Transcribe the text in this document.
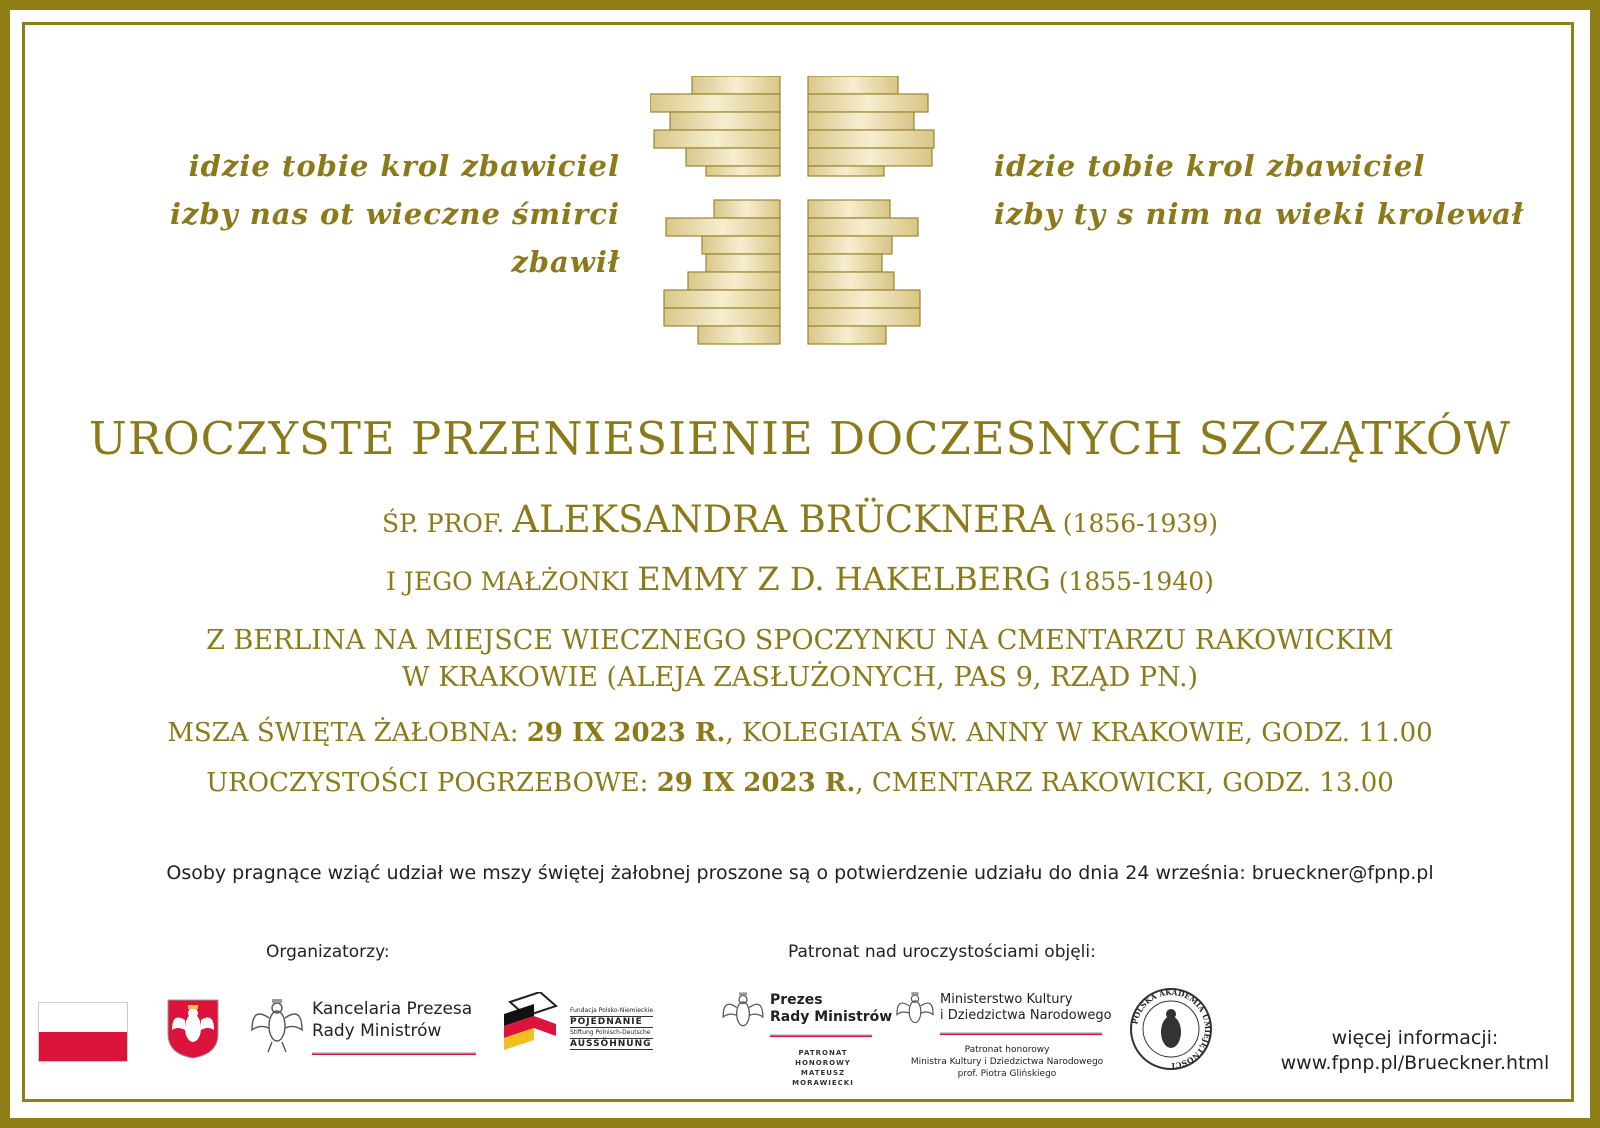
idzie tobie krol zbawiciel
izby nas ot wieczne śmirci zbawił
idzie tobie krol zbawiciel
izby ty s nim na wieki krolewał
UROCZYSTE PRZENIESIENIE DOCZESNYCH SZCZĄTKÓW
ŚP. PROF. ALEKSANDRA BRÜCKNERA (1856-1939)
I JEGO MAŁŻONKI EMMY Z D. HAKELBERG (1855-1940)
Z BERLINA NA MIEJSCE WIECZNEGO SPOCZYNKU NA CMENTARZU RAKOWICKIM
W KRAKOWIE (ALEJA ZASŁUŻONYCH, PAS 9, RZĄD PN.)
MSZA ŚWIĘTA ŻAŁOBNA: 29 IX 2023 R., KOLEGIATA ŚW. ANNY W KRAKOWIE, GODZ. 11.00
UROCZYSTOŚCI POGRZEBOWE: 29 IX 2023 R., CMENTARZ RAKOWICKI, GODZ. 13.00
Osoby pragnące wziąć udział we mszy świętej żałobnej proszone są o potwierdzenie udziału do dnia 24 września: brueckner@fpnp.pl
Organizatorzy:
Kancelaria Prezesa
Rady Ministrów
Fundacja Polsko-Niemieckie
POJEDNANIE
Stiftung Polnisch-Deutsche
AUSSÖHNUNG
Patronat nad uroczystościami objęli:
Prezes
Rady Ministrów
PATRONAT HONOROWY
MATEUSZ MORAWIECKI
Ministerstwo Kultury
i Dziedzictwa Narodowego
Patronat honorowy
Ministra Kultury i Dziedzictwa Narodowego
prof. Piotra Glińskiego
POLSKA AKADEMIA UMIEJĘTNOŚCI
więcej informacji:
www.fpnp.pl/Brueckner.html
